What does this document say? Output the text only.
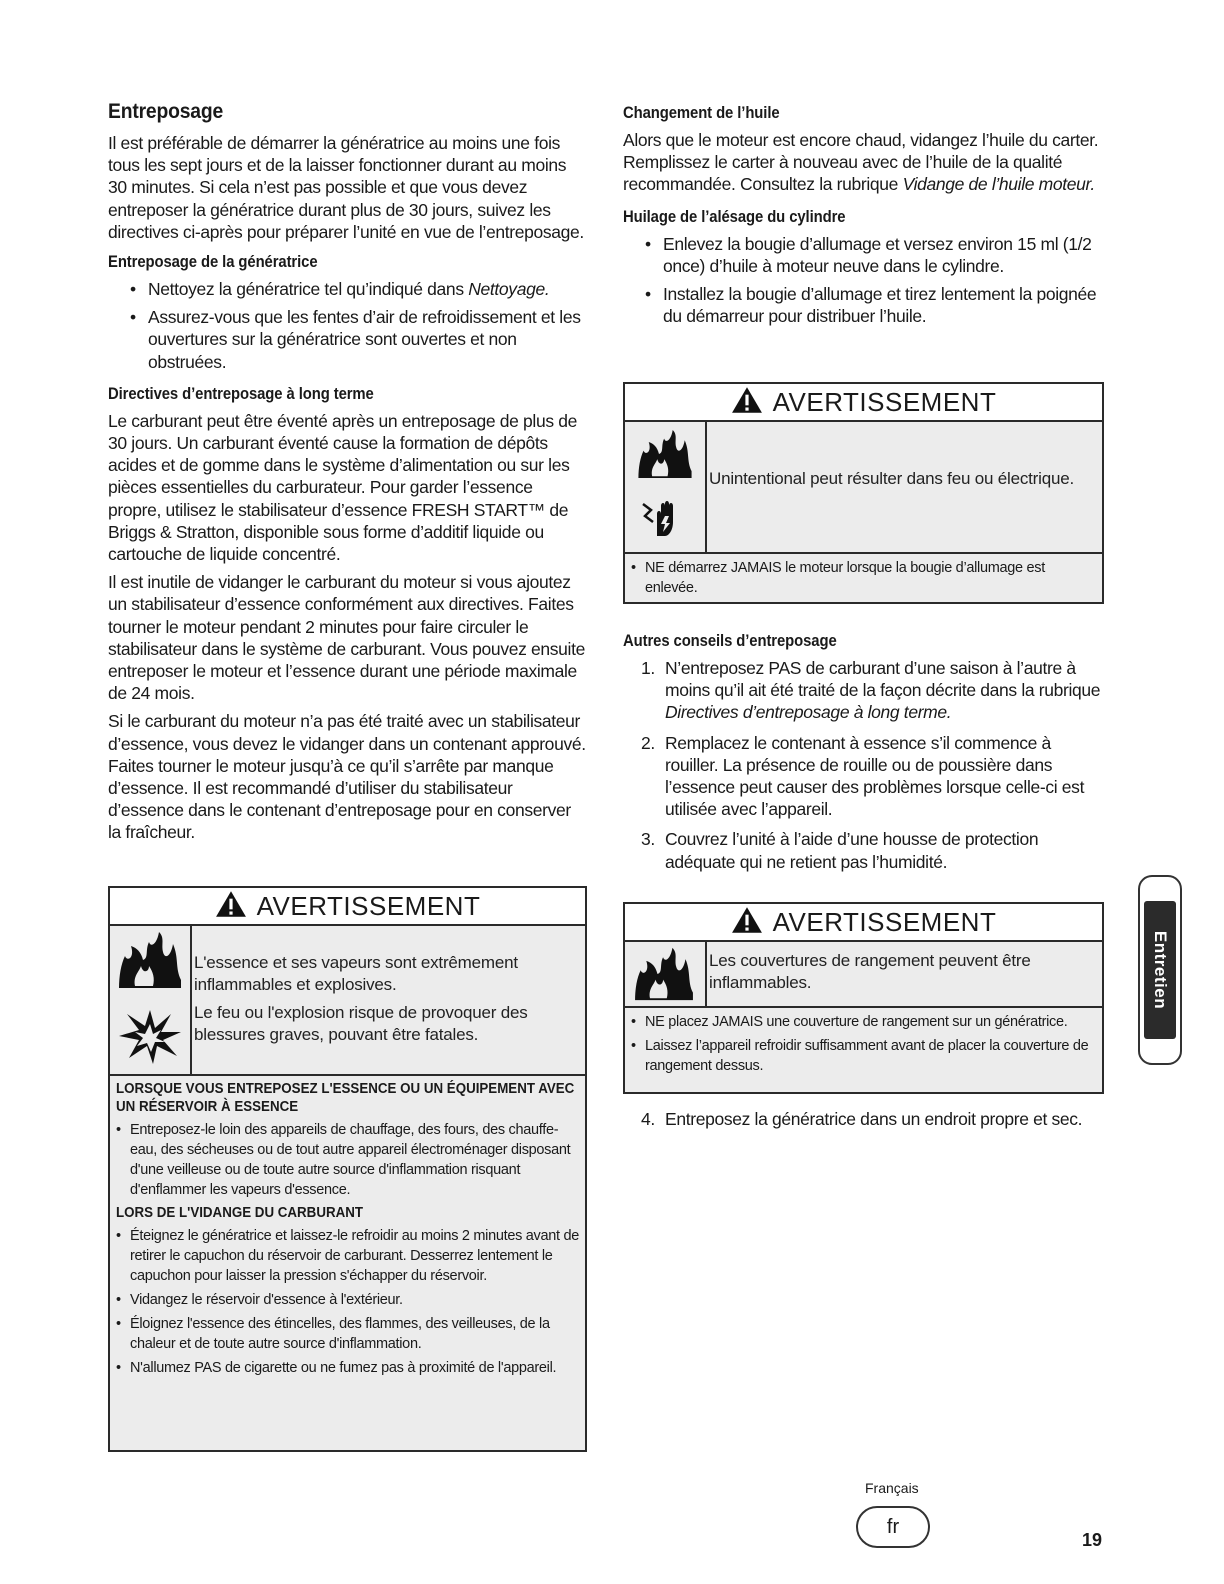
Entreposage

Il est préférable de démarrer la génératrice au moins une fois tous les sept jours et de la laisser fonctionner durant au moins 30 minutes. Si cela n’est pas possible et que vous devez entreposer la génératrice durant plus de 30 jours, suivez les directives ci-après pour préparer l’unité en vue de l’entreposage.

Entreposage de la génératrice
• Nettoyez la génératrice tel qu’indiqué dans Nettoyage.
• Assurez-vous que les fentes d’air de refroidissement et les ouvertures sur la génératrice sont ouvertes et non obstruées.
Directives d’entreposage à long terme

Le carburant peut être éventé après un entreposage de plus de 30 jours. Un carburant éventé cause la formation de dépôts acides et de gomme dans le système d’alimentation ou sur les pièces essentielles du carburateur. Pour garder l’essence propre, utilisez le stabilisateur d’essence FRESH START™ de Briggs & Stratton, disponible sous forme d’additif liquide ou cartouche de liquide concentré.

Il est inutile de vidanger le carburant du moteur si vous ajoutez un stabilisateur d’essence conformément aux directives. Faites tourner le moteur pendant 2 minutes pour faire circuler le stabilisateur dans le système de carburant. Vous pouvez ensuite entreposer le moteur et l’essence durant une période maximale de 24 mois.

Si le carburant du moteur n’a pas été traité avec un stabilisateur d’essence, vous devez le vidanger dans un contenant approuvé. Faites tourner le moteur jusqu’à ce qu’il s’arrête par manque d’essence. Il est recommandé d’utiliser du stabilisateur d’essence dans le contenant d’entreposage pour en conserver la fraîcheur.

AVERTISSEMENT
L'essence et ses vapeurs sont extrêmement inflammables et explosives.
Le feu ou l'explosion risque de provoquer des blessures graves, pouvant être fatales.
LORSQUE VOUS ENTREPOSEZ L'ESSENCE OU UN ÉQUIPEMENT AVEC UN RÉSERVOIR À ESSENCE
• Entreposez-le loin des appareils de chauffage, des fours, des chauffe-eau, des sécheuses ou de tout autre appareil électroménager disposant d'une veilleuse ou de toute autre source d'inflammation risquant d'enflammer les vapeurs d'essence.
LORS DE L'VIDANGE DU CARBURANT
• Éteignez le génératrice et laissez-le refroidir au moins 2 minutes avant de retirer le capuchon du réservoir de carburant. Desserrez lentement le capuchon pour laisser la pression s'échapper du réservoir.
• Vidangez le réservoir d'essence à l'extérieur.
• Éloignez l'essence des étincelles, des flammes, des veilleuses, de la chaleur et de toute autre source d'inflammation.
• N'allumez PAS de cigarette ou ne fumez pas à proximité de l'appareil.
Changement de l’huile

Alors que le moteur est encore chaud, vidangez l’huile du carter. Remplissez le carter à nouveau avec de l’huile de la qualité recommandée. Consultez la rubrique Vidange de l’huile moteur.

Huilage de l’alésage du cylindre
• Enlevez la bougie d’allumage et versez environ 15 ml (1/2 once) d’huile à moteur neuve dans le cylindre.
• Installez la bougie d’allumage et tirez lentement la poignée du démarreur pour distribuer l’huile.
AVERTISSEMENT
Unintentional peut résulter dans feu ou électrique.
• NE démarrez JAMAIS le moteur lorsque la bougie d’allumage est enlevée.
Autres conseils d’entreposage
1. N’entreposez PAS de carburant d’une saison à l’autre à moins qu’il ait été traité de la façon décrite dans la rubrique Directives d’entreposage à long terme.
2. Remplacez le contenant à essence s’il commence à rouiller. La présence de rouille ou de poussière dans l’essence peut causer des problèmes lorsque celle-ci est utilisée avec l’appareil.
3. Couvrez l’unité à l’aide d’une housse de protection adéquate qui ne retient pas l’humidité.
AVERTISSEMENT
Les couvertures de rangement peuvent être inflammables.
• NE placez JAMAIS une couverture de rangement sur un génératrice.
• Laissez l’appareil refroidir suffisamment avant de placer la couverture de rangement dessus.
4. Entreposez la génératrice dans un endroit propre et sec.
Entretien
Français
fr
19
